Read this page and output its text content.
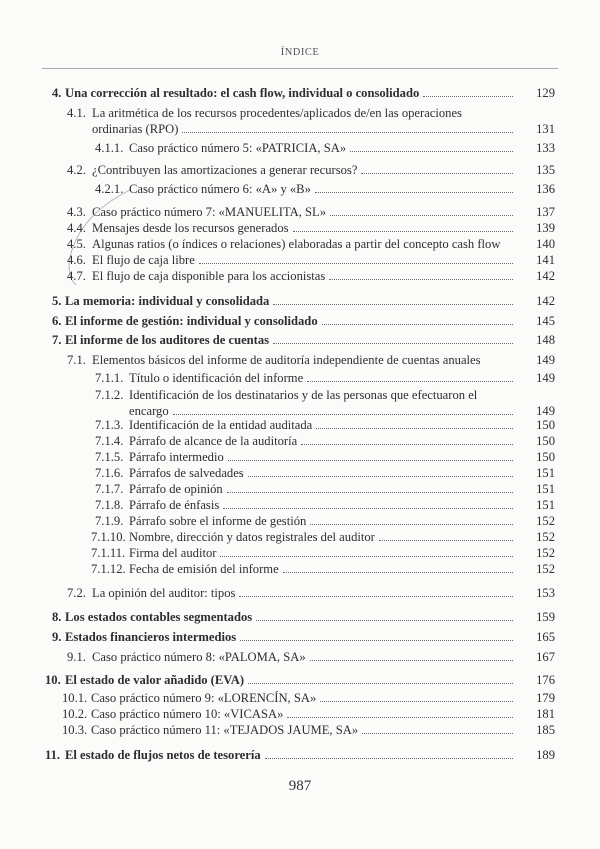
ÍNDICE
4. Una corrección al resultado: el cash flow, individual o consolidado	129
4.1. La aritmética de los recursos procedentes/aplicados de/en las operaciones
ordinarias (RPO)	131
4.1.1. Caso práctico número 5: «PATRICIA, SA»	133
4.2. ¿Contribuyen las amortizaciones a generar recursos?	135
4.2.1. Caso práctico número 6: «A» y «B»	136
4.3. Caso práctico número 7: «MANUELITA, SL»	137
4.4. Mensajes desde los recursos generados	139
4.5. Algunas ratios (o índices o relaciones) elaboradas a partir del concepto cash flow	140
4.6. El flujo de caja libre	141
4.7. El flujo de caja disponible para los accionistas	142
5. La memoria: individual y consolidada	142
6. El informe de gestión: individual y consolidado	145
7. El informe de los auditores de cuentas	148
7.1. Elementos básicos del informe de auditoría independiente de cuentas anuales	149
7.1.1. Título o identificación del informe	149
7.1.2. Identificación de los destinatarios y de las personas que efectuaron el
encargo	149
7.1.3. Identificación de la entidad auditada	150
7.1.4. Párrafo de alcance de la auditoría	150
7.1.5. Párrafo intermedio	150
7.1.6. Párrafos de salvedades	151
7.1.7. Párrafo de opinión	151
7.1.8. Párrafo de énfasis	151
7.1.9. Párrafo sobre el informe de gestión	152
7.1.10. Nombre, dirección y datos registrales del auditor	152
7.1.11. Firma del auditor	152
7.1.12. Fecha de emisión del informe	152
7.2. La opinión del auditor: tipos	153
8. Los estados contables segmentados	159
9. Estados financieros intermedios	165
9.1. Caso práctico número 8: «PALOMA, SA»	167
10. El estado de valor añadido (EVA)	176
10.1. Caso práctico número 9: «LORENCÍN, SA»	179
10.2. Caso práctico número 10: «VICASA»	181
10.3. Caso práctico número 11: «TEJADOS JAUME, SA»	185
11. El estado de flujos netos de tesorería	189
987
